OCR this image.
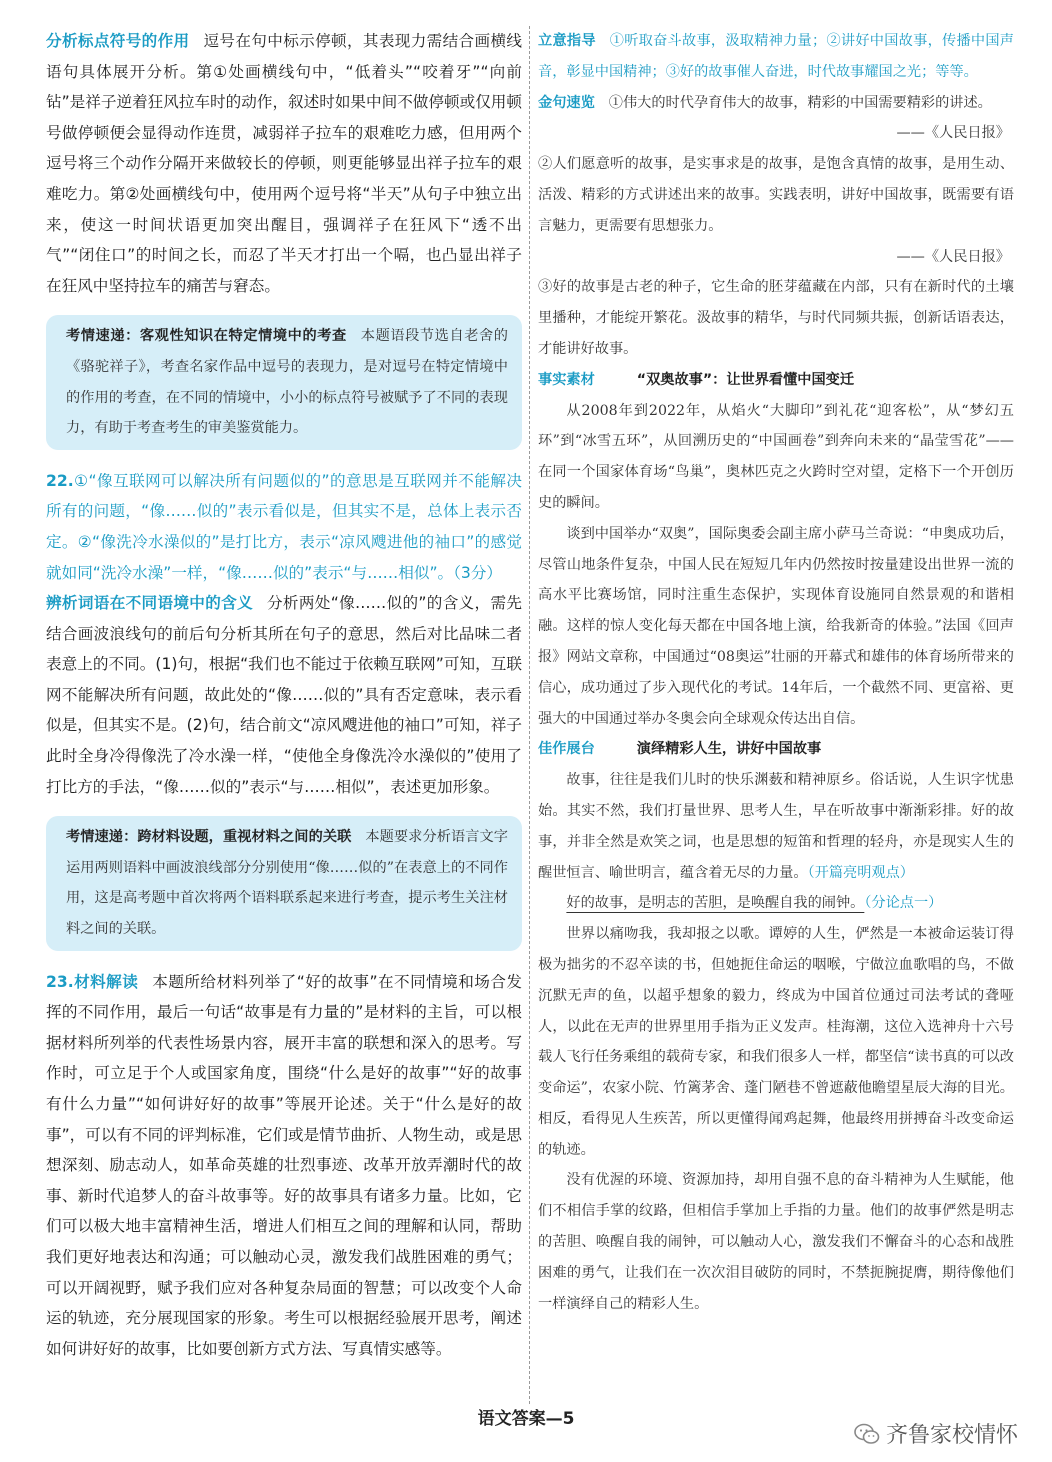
分析标点符号的作用 逗号在句中标示停顿，其表现力需结合画横线语句具体展开分析。第①处画横线句中，“低着头”“咬着牙”“向前钻”是祥子逆着狂风拉车时的动作，叙述时如果中间不做停顿或仅用顿号做停顿便会显得动作连贯，减弱祥子拉车的艰难吃力感，但用两个逗号将三个动作分隔开来做较长的停顿，则更能够显出祥子拉车的艰难吃力。第②处画横线句中，使用两个逗号将“半天”从句子中独立出来，使这一时间状语更加突出醒目，强调祥子在狂风下“透不出气”“闭住口”的时间之长，而忍了半天才打出一个嗝，也凸显出祥子在狂风中坚持拉车的痛苦与窘态。

考情速递：客观性知识在特定情境中的考查 本题语段节选自老舍的《骆驼祥子》，考查名家作品中逗号的表现力，是对逗号在特定情境中的作用的考查，在不同的情境中，小小的标点符号被赋予了不同的表现力，有助于考查考生的审美鉴赏能力。

22.①“像互联网可以解决所有问题似的”的意思是互联网并不能解决所有的问题，“像……似的”表示看似是，但其实不是，总体上表示否定。②“像洗冷水澡似的”是打比方，表示“凉风飕进他的袖口”的感觉就如同“洗冷水澡”一样，“像……似的”表示“与……相似”。（3分）

辨析词语在不同语境中的含义 分析两处“像……似的”的含义，需先结合画波浪线句的前后句分析其所在句子的意思，然后对比品味二者表意上的不同。(1)句，根据“我们也不能过于依赖互联网”可知，互联网不能解决所有问题，故此处的“像……似的”具有否定意味，表示看似是，但其实不是。(2)句，结合前文“凉风飕进他的袖口”可知，祥子此时全身冷得像洗了冷水澡一样，“使他全身像洗冷水澡似的”使用了打比方的手法，“像……似的”表示“与……相似”，表述更加形象。

考情速递：跨材料设题，重视材料之间的关联 本题要求分析语言文字运用两则语料中画波浪线部分分别使用“像……似的”在表意上的不同作用，这是高考题中首次将两个语料联系起来进行考查，提示考生关注材料之间的关联。

23.材料解读 本题所给材料列举了“好的故事”在不同情境和场合发挥的不同作用，最后一句话“故事是有力量的”是材料的主旨，可以根据材料所列举的代表性场景内容，展开丰富的联想和深入的思考。写作时，可立足于个人或国家角度，围绕“什么是好的故事”“好的故事有什么力量”“如何讲好好的故事”等展开论述。关于“什么是好的故事”，可以有不同的评判标准，它们或是情节曲折、人物生动，或是思想深刻、励志动人，如革命英雄的壮烈事迹、改革开放弄潮时代的故事、新时代追梦人的奋斗故事等。好的故事具有诸多力量。比如，它们可以极大地丰富精神生活，增进人们相互之间的理解和认同，帮助我们更好地表达和沟通；可以触动心灵，激发我们战胜困难的勇气；可以开阔视野，赋予我们应对各种复杂局面的智慧；可以改变个人命运的轨迹，充分展现国家的形象。考生可以根据经验展开思考，阐述如何讲好好的故事，比如要创新方式方法、写真情实感等。

立意指导 ①听取奋斗故事，汲取精神力量；②讲好中国故事，传播中国声音，彰显中国精神；③好的故事催人奋进，时代故事耀国之光；等等。

金句速览 ①伟大的时代孕育伟大的故事，精彩的中国需要精彩的讲述。

——《人民日报》

②人们愿意听的故事，是实事求是的故事，是饱含真情的故事，是用生动、活泼、精彩的方式讲述出来的故事。实践表明，讲好中国故事，既需要有语言魅力，更需要有思想张力。

——《人民日报》

③好的故事是古老的种子，它生命的胚芽蕴藏在内部，只有在新时代的土壤里播种，才能绽开繁花。汲故事的精华，与时代同频共振，创新话语表达，才能讲好故事。

事实素材	“双奥故事”：让世界看懂中国变迁

从2008年到2022年，从焰火“大脚印”到礼花“迎客松”，从“梦幻五环”到“冰雪五环”，从回溯历史的“中国画卷”到奔向未来的“晶莹雪花”——在同一个国家体育场“鸟巢”，奥林匹克之火跨时空对望，定格下一个开创历史的瞬间。

谈到中国举办“双奥”，国际奥委会副主席小萨马兰奇说：“申奥成功后，尽管山地条件复杂，中国人民在短短几年内仍然按时按量建设出世界一流的高水平比赛场馆，同时注重生态保护，实现体育设施同自然景观的和谐相融。这样的惊人变化每天都在中国各地上演，给我新奇的体验。”法国《回声报》网站文章称，中国通过“08奥运”壮丽的开幕式和雄伟的体育场所带来的信心，成功通过了步入现代化的考试。14年后，一个截然不同、更富裕、更强大的中国通过举办冬奥会向全球观众传达出自信。

佳作展台	演绎精彩人生，讲好中国故事

故事，往往是我们儿时的快乐渊薮和精神原乡。俗话说，人生识字忧患始。其实不然，我们打量世界、思考人生，早在听故事中渐渐彩排。好的故事，并非全然是欢笑之词，也是思想的短笛和哲理的轻舟，亦是现实人生的醒世恒言、喻世明言，蕴含着无尽的力量。（开篇亮明观点）

好的故事，是明志的苦胆，是唤醒自我的闹钟。（分论点一）

世界以痛吻我，我却报之以歌。谭婷的人生，俨然是一本被命运装订得极为拙劣的不忍卒读的书，但她扼住命运的咽喉，宁做泣血歌唱的鸟，不做沉默无声的鱼，以超乎想象的毅力，终成为中国首位通过司法考试的聋哑人，以此在无声的世界里用手指为正义发声。桂海潮，这位入选神舟十六号载人飞行任务乘组的载荷专家，和我们很多人一样，都坚信“读书真的可以改变命运”，农家小院、竹篱茅舍、蓬门陋巷不曾遮蔽他瞻望星辰大海的目光。相反，看得见人生疾苦，所以更懂得闻鸡起舞，他最终用拼搏奋斗改变命运的轨迹。

没有优渥的环境、资源加持，却用自强不息的奋斗精神为人生赋能，他们不相信手掌的纹路，但相信手掌加上手指的力量。他们的故事俨然是明志的苦胆、唤醒自我的闹钟，可以触动人心，激发我们不懈奋斗的心态和战胜困难的勇气，让我们在一次次泪目破防的同时，不禁扼腕捉膺，期待像他们一样演绎自己的精彩人生。

语文答案—5
齐鲁家校情怀
